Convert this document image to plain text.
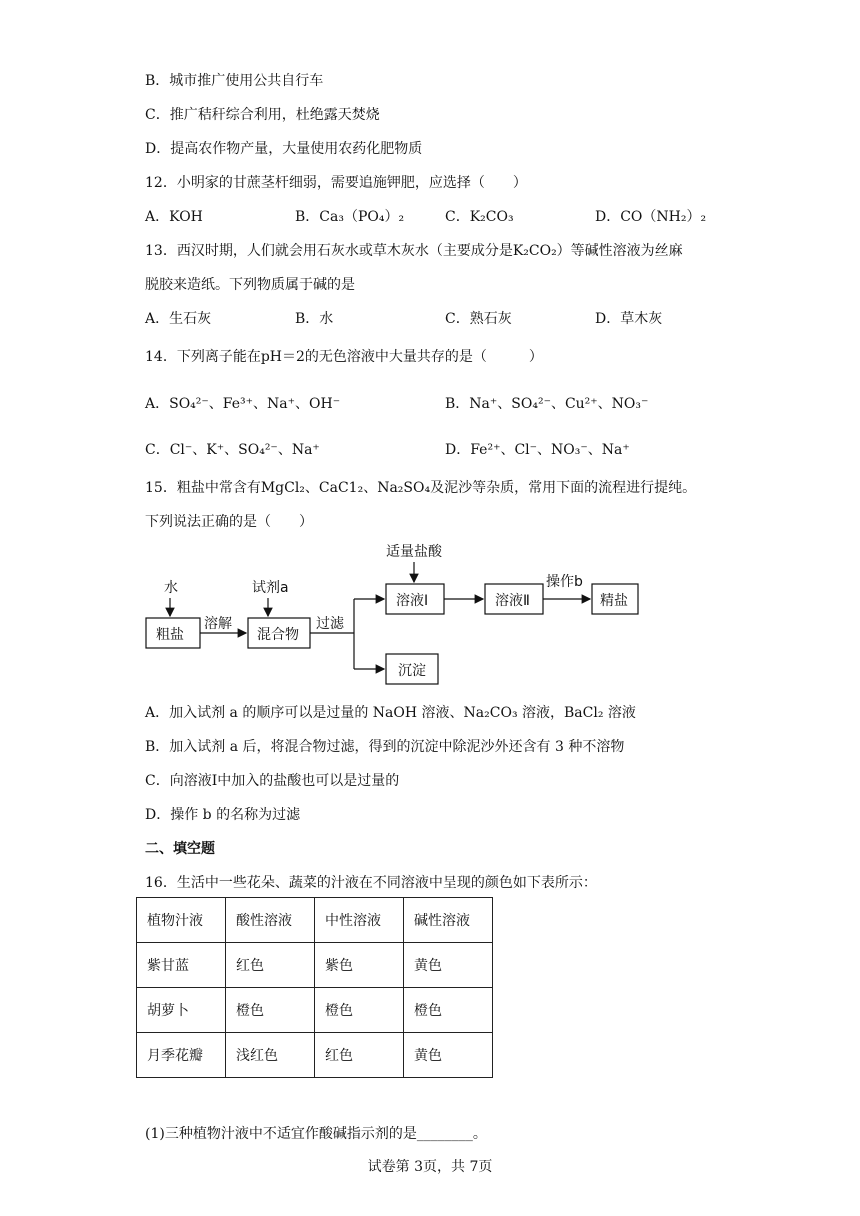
B．城市推广使用公共自行车
C．推广秸秆综合利用，杜绝露天焚烧
D．提高农作物产量，大量使用农药化肥物质
12．小明家的甘蔗茎杆细弱，需要追施钾肥，应选择（　　）
A．KOH	B．Ca₃（PO₄）₂	C．K₂CO₃	D．CO（NH₂）₂
13．西汉时期，人们就会用石灰水或草木灰水（主要成分是K₂CO₂）等碱性溶液为丝麻
脱胶来造纸。下列物质属于碱的是
A．生石灰	B．水	C．熟石灰	D．草木灰
14．下列离子能在pH＝2的无色溶液中大量共存的是（　　　）
A．SO₄²⁻、Fe³⁺、Na⁺、OH⁻	B．Na⁺、SO₄²⁻、Cu²⁺、NO₃⁻
C．Cl⁻、K⁺、SO₄²⁻、Na⁺	D．Fe²⁺、Cl⁻、NO₃⁻、Na⁺
15．粗盐中常含有MgCl₂、CaC1₂、Na₂SO₄及泥沙等杂质，常用下面的流程进行提纯。
下列说法正确的是（　　）
水	试剂a
适量盐酸
操作b
溶解	过滤
粗盐	混合物
溶液Ⅰ	溶液Ⅱ	精盐
沉淀
A．加入试剂 a 的顺序可以是过量的 NaOH 溶液、Na₂CO₃ 溶液，BaCl₂ 溶液
B．加入试剂 a 后，将混合物过滤，得到的沉淀中除泥沙外还含有 3 种不溶物
C．向溶液I中加入的盐酸也可以是过量的
D．操作 b 的名称为过滤
二、填空题
16．生活中一些花朵、蔬菜的汁液在不同溶液中呈现的颜色如下表所示：
植物汁液	酸性溶液	中性溶液	碱性溶液
紫甘蓝	红色	紫色	黄色
胡萝卜	橙色	橙色	橙色
月季花瓣	浅红色	红色	黄色
(1)三种植物汁液中不适宜作酸碱指示剂的是________。
试卷第 3页，共 7页
